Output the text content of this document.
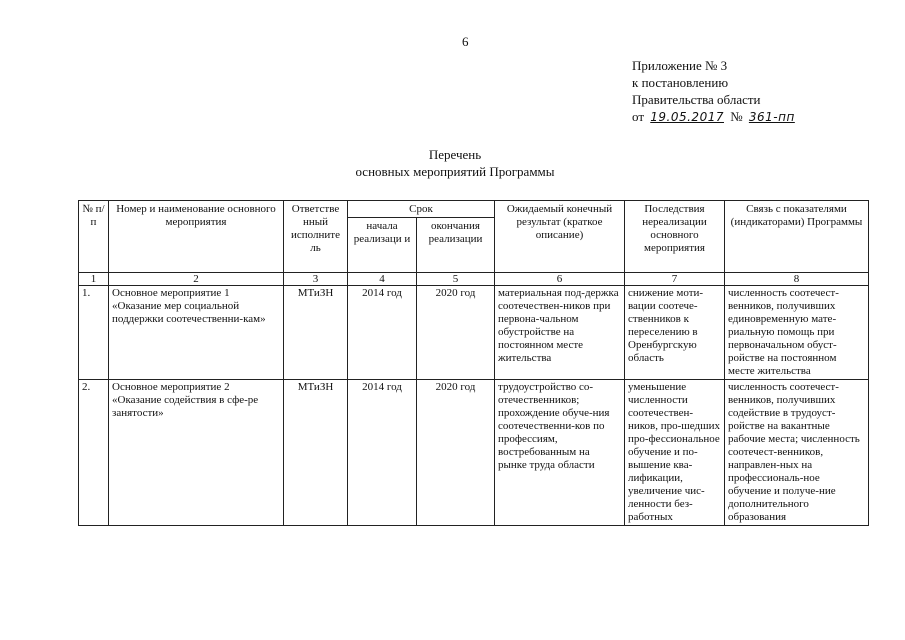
6
Приложение № 3
к постановлению
Правительства области
от 19.05.2017 № 361-пп
Перечень
основных мероприятий Программы
№ п/п	Номер и наименование основного мероприятия	Ответстве нный исполните ль	Срок		Ожидаемый конечный результат (краткое описание)	Последствия нереализации основного мероприятия	Связь с показателями (индикаторами) Программы
			начала реализаци и	окончания реализации			
1	2	3	4	5	6	7	8
1.	Основное мероприятие 1 «Оказание мер социальной поддержки соотечественни-кам»	МТиЗН	2014 год	2020 год	материальная под-держка соотечествен-ников при первона-чальном обустройстве на постоянном месте жительства	снижение моти-вации соотече-ственников к переселению в Оренбургскую область	численность соотечест-венников, получивших единовременную мате-риальную помощь при первоначальном обуст-ройстве на постоянном месте жительства
2.	Основное мероприятие 2 «Оказание содействия в сфе-ре занятости»	МТиЗН	2014 год	2020 год	трудоустройство со-отечественников; прохождение обуче-ния соотечественни-ков по профессиям, востребованным на рынке труда области	уменьшение численности соотечествен-ников, про-шедших про-фессиональное обучение и по-вышение ква-лификации, увеличение чис-ленности без-работных	численность соотечест-венников, получивших содействие в трудоуст-ройстве на вакантные рабочие места; численность соотечест-венников, направлен-ных на профессиональ-ное обучение и получе-ние дополнительного образования
